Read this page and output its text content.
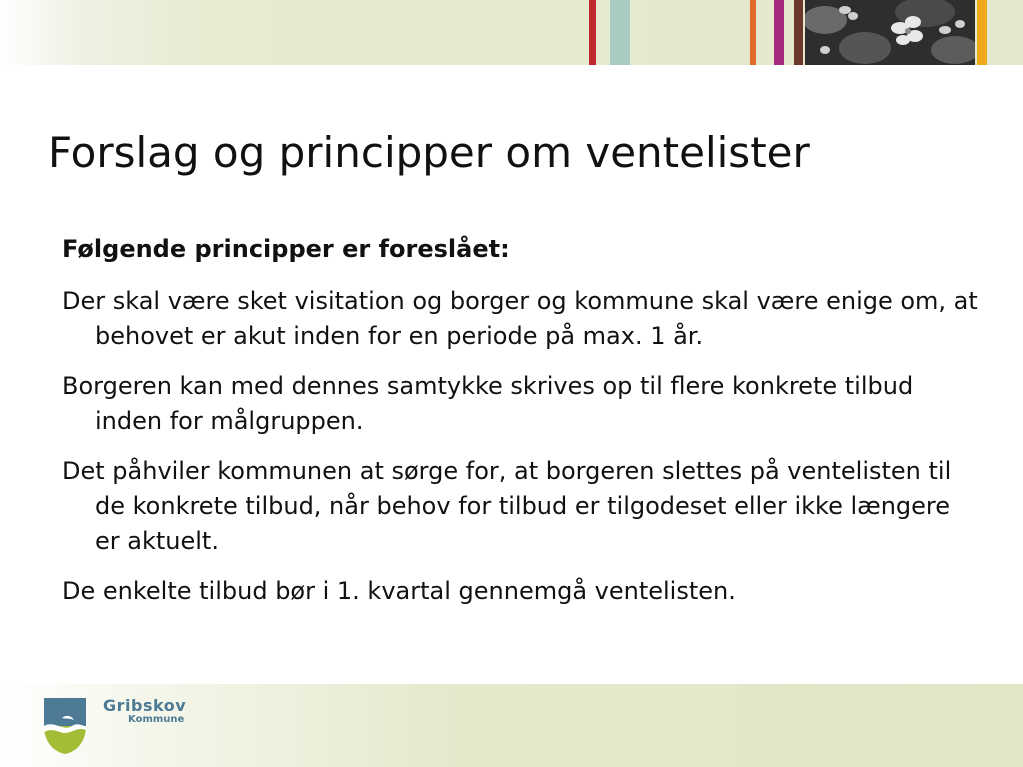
Forslag og principper om ventelister

Følgende principper er foreslået:

Der skal være sket visitation og borger og kommune skal være enige om, at behovet er akut inden for en periode på max. 1 år.

Borgeren kan med dennes samtykke skrives op til flere konkrete tilbud inden for målgruppen.

Det påhviler kommunen at sørge for, at borgeren slettes på ventelisten til de konkrete tilbud, når behov for tilbud er tilgodeset eller ikke længere er aktuelt.

De enkelte tilbud bør i 1. kvartal gennemgå ventelisten.

Gribskov
Kommune
